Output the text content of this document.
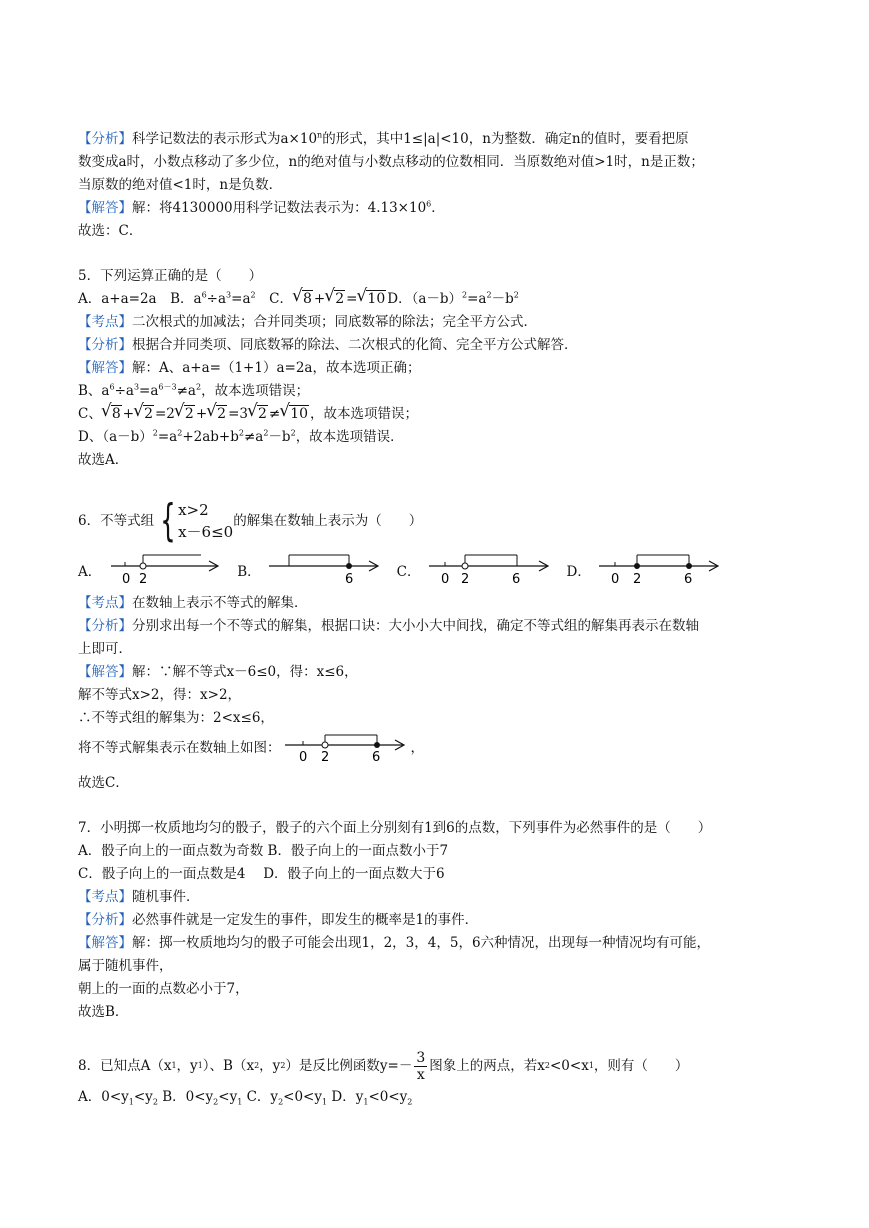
【分析】科学记数法的表示形式为$a\times 10^n$的形式，其中1≤|a|<10，n为整数．确定n的值时，要看把原
数变成a时，小数点移动了多少位，n的绝对值与小数点移动的位数相同．当原数绝对值>1时，n是正数；
当原数的绝对值<1时，n是负数．
【解答】解：将4130000用科学记数法表示为：$4.13\times 10^6$．
故选：C．
5．下列运算正确的是（　　）
A．a+a=2a　B．$a^6\div a^3=a^2$　C． √ 8 + √ 2 = √ 10 D．$(a-b)^2=a^2-b^2$
【考点】二次根式的加减法；合并同类项；同底数幂的除法；完全平方公式．
【分析】根据合并同类项、同底数幂的除法、二次根式的化简、完全平方公式解答．
【解答】解：A、a+a=（1+1）a=2a，故本选项正确；
B、$a^6\div a^3=a^{6-3}\ne a^2$，故本选项错误；
C、 √ 8 + √ 2 =2 √ 2 + √ 2 =3 √ 2 ≠ √ 10 ，故本选项错误；
D、$(a-b)^2=a^2+2ab+b^2\ne a^2-b^2$，故本选项错误．
故选A．
6．不等式组 { x>2
x－6≤0
的解集在数轴上表示为（　　）
A． 0 2	B．	6	C． 0 2	6	D． 0 2	6
【考点】在数轴上表示不等式的解集．
【分析】分别求出每一个不等式的解集，根据口诀：大小小大中间找，确定不等式组的解集再表示在数轴
上即可．
【解答】解：∵解不等式x－6≤0，得：x≤6，
解不等式x>2，得：x>2，
∴不等式组的解集为：2<x≤6，
将不等式解集表示在数轴上如图：
0 2	6
，
故选C．
7．小明掷一枚质地均匀的骰子，骰子的六个面上分别刻有1到6的点数，下列事件为必然事件的是（　　）
A．骰子向上的一面点数为奇数 B．骰子向上的一面点数小于7
C．骰子向上的一面点数是4　 D．骰子向上的一面点数大于6
【考点】随机事件．
【分析】必然事件就是一定发生的事件，即发生的概率是1的事件．
【解答】解：掷一枚质地均匀的骰子可能会出现1，2，3，4，5，6六种情况，出现每一种情况均有可能，
属于随机事件，
朝上的一面的点数必小于7，
故选B．
8．已知点A（x 1 ，y 1 ）、B（x 2 ，y 2 ）是反比例函数$y=- \frac{3}{x}$ 图象上的两点，若x 2 <0<x 1 ，则有（　　）
A．$0<y_1<y_2$ B．$0<y_2<y_1$ C．$y_2<0<y_1$ D．$y_1<0<y_2$
